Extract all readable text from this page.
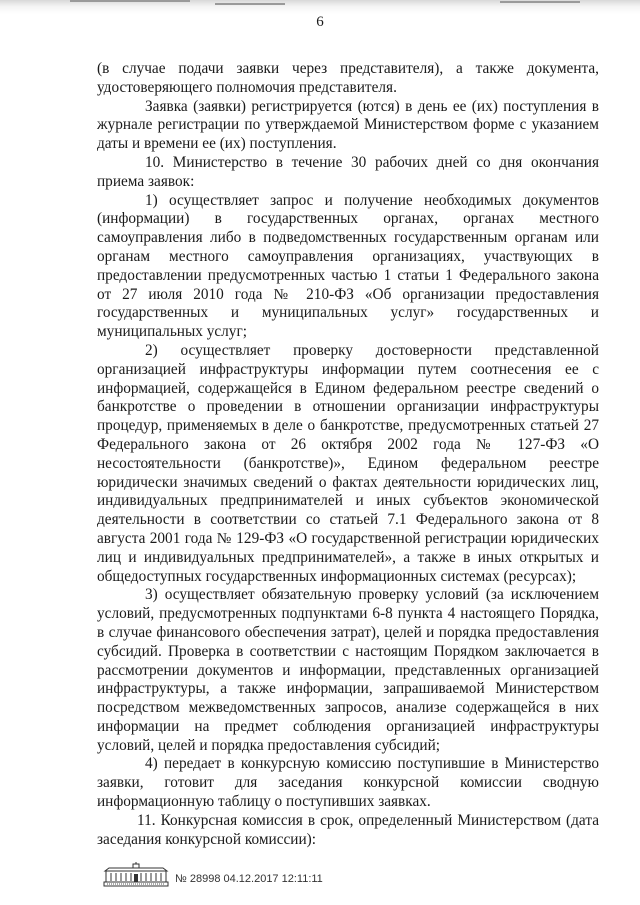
6

(в случае подачи заявки через представителя), а также документа, удостоверяющего полномочия представителя.

Заявка (заявки) регистрируется (ются) в день ее (их) поступления в журнале регистрации по утверждаемой Министерством форме с указанием даты и времени ее (их) поступления.

10. Министерство в течение 30 рабочих дней со дня окончания приема заявок:

1) осуществляет запрос и получение необходимых документов (информации) в государственных органах, органах местного самоуправления либо в подведомственных государственным органам или органам местного самоуправления организациях, участвующих в предоставлении предусмотренных частью 1 статьи 1 Федерального закона от 27 июля 2010 года № 210-ФЗ «Об организации предоставления государственных и муниципальных услуг» государственных и муниципальных услуг;

2) осуществляет проверку достоверности представленной организацией инфраструктуры информации путем соотнесения ее с информацией, содержащейся в Едином федеральном реестре сведений о банкротстве о проведении в отношении организации инфраструктуры процедур, применяемых в деле о банкротстве, предусмотренных статьей 27 Федерального закона от 26 октября 2002 года № 127-ФЗ «О несостоятельности (банкротстве)», Едином федеральном реестре юридически значимых сведений о фактах деятельности юридических лиц, индивидуальных предпринимателей и иных субъектов экономической деятельности в соответствии со статьей 7.1 Федерального закона от 8 августа 2001 года № 129-ФЗ «О государственной регистрации юридических лиц и индивидуальных предпринимателей», а также в иных открытых и общедоступных государственных информационных системах (ресурсах);

3) осуществляет обязательную проверку условий (за исключением условий, предусмотренных подпунктами 6-8 пункта 4 настоящего Порядка, в случае финансового обеспечения затрат), целей и порядка предоставления субсидий. Проверка в соответствии с настоящим Порядком заключается в рассмотрении документов и информации, представленных организацией инфраструктуры, а также информации, запрашиваемой Министерством посредством межведомственных запросов, анализе содержащейся в них информации на предмет соблюдения организацией инфраструктуры условий, целей и порядка предоставления субсидий;

4) передает в конкурсную комиссию поступившие в Министерство заявки, готовит для заседания конкурсной комиссии сводную информационную таблицу о поступивших заявках.

11. Конкурсная комиссия в срок, определенный Министерством (дата заседания конкурсной комиссии):

№ 28998 04.12.2017 12:11:11
